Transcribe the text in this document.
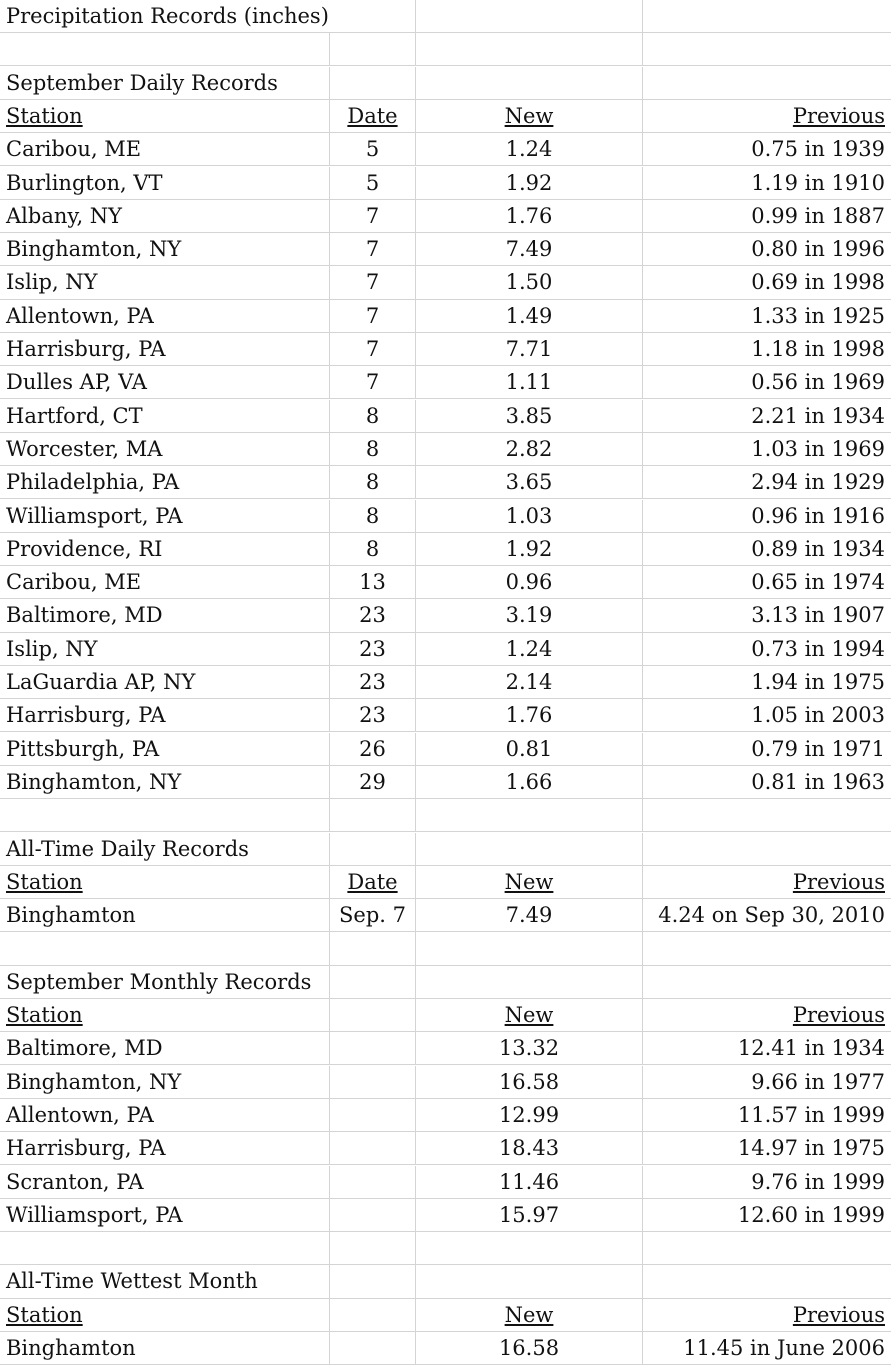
Precipitation Records (inches)
September Daily Records
Station	Date	New	Previous
Caribou, ME	5	1.24	0.75 in 1939
Burlington, VT	5	1.92	1.19 in 1910
Albany, NY	7	1.76	0.99 in 1887
Binghamton, NY	7	7.49	0.80 in 1996
Islip, NY	7	1.50	0.69 in 1998
Allentown, PA	7	1.49	1.33 in 1925
Harrisburg, PA	7	7.71	1.18 in 1998
Dulles AP, VA	7	1.11	0.56 in 1969
Hartford, CT	8	3.85	2.21 in 1934
Worcester, MA	8	2.82	1.03 in 1969
Philadelphia, PA	8	3.65	2.94 in 1929
Williamsport, PA	8	1.03	0.96 in 1916
Providence, RI	8	1.92	0.89 in 1934
Caribou, ME	13	0.96	0.65 in 1974
Baltimore, MD	23	3.19	3.13 in 1907
Islip, NY	23	1.24	0.73 in 1994
LaGuardia AP, NY	23	2.14	1.94 in 1975
Harrisburg, PA	23	1.76	1.05 in 2003
Pittsburgh, PA	26	0.81	0.79 in 1971
Binghamton, NY	29	1.66	0.81 in 1963
All-Time Daily Records
Station	Date	New	Previous
Binghamton	Sep. 7	7.49	4.24 on Sep 30, 2010
September Monthly Records
Station	New	Previous
Baltimore, MD	13.32	12.41 in 1934
Binghamton, NY	16.58	9.66 in 1977
Allentown, PA	12.99	11.57 in 1999
Harrisburg, PA	18.43	14.97 in 1975
Scranton, PA	11.46	9.76 in 1999
Williamsport, PA	15.97	12.60 in 1999
All-Time Wettest Month
Station	New	Previous
Binghamton	16.58	11.45 in June 2006
